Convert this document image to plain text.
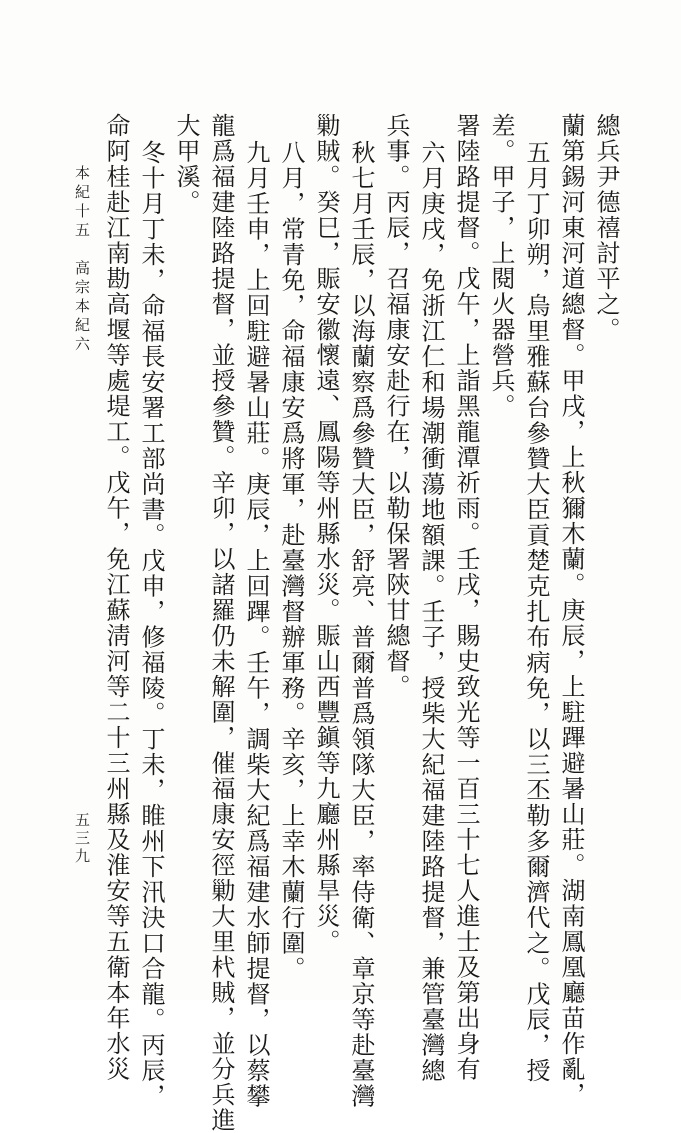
總兵尹德禧討平之。
蘭第錫河東河道總督。甲戌，上秋獮木蘭。庚辰，上駐蹕避暑山莊。湖南鳳凰廳苗作亂，
五月丁卯朔，烏里雅蘇台參贊大臣貢楚克扎布病免，以三丕勒多爾濟代之。戊辰，授
差。甲子，上閱火器營兵。
署陸路提督。戊午，上詣黑龍潭祈雨。壬戌，賜史致光等一百三十七人進士及第出身有
六月庚戌，免浙江仁和場潮衝蕩地額課。壬子，授柴大紀福建陸路提督，兼管臺灣總
兵事。丙辰，召福康安赴行在，以勒保署陝甘總督。
秋七月壬辰，以海蘭察爲參贊大臣，舒亮、普爾普爲領隊大臣，率侍衛、章京等赴臺灣
勦賊。癸巳，賑安徽懷遠、鳳陽等州縣水災。賑山西豐鎭等九廳州縣旱災。
八月，常青免，命福康安爲將軍，赴臺灣督辦軍務。辛亥，上幸木蘭行圍。
九月壬申，上回駐避暑山莊。庚辰，上回蹕。壬午，調柴大紀爲福建水師提督，以蔡攀
龍爲福建陸路提督，並授參贊。辛卯，以諸羅仍未解圍，催福康安徑勦大里杙賊，並分兵進
大甲溪。
冬十月丁未，命福長安署工部尚書。戊申，修福陵。丁未，睢州下汛決口合龍。丙辰，
命阿桂赴江南勘高堰等處堤工。戊午，免江蘇淸河等二十三州縣及淮安等五衛本年水災
本紀十五　高宗本紀六
五三九
